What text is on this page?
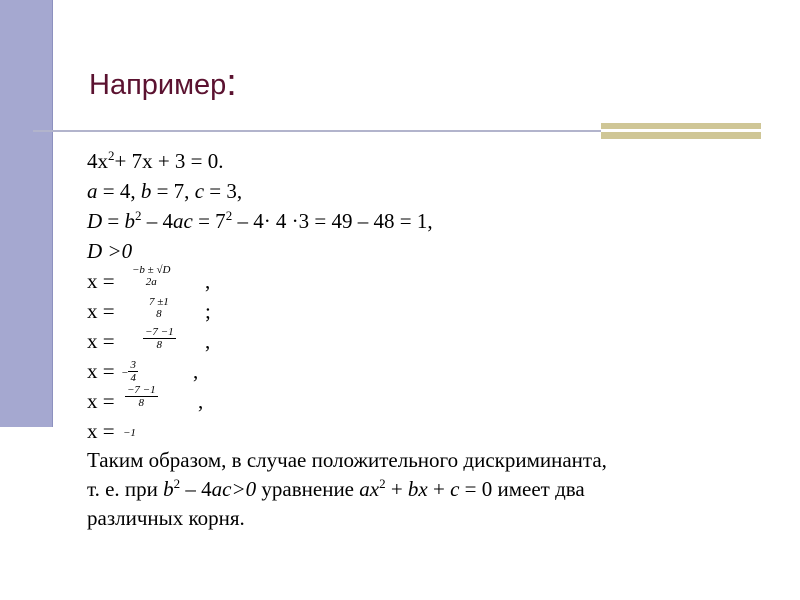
Например:
$4x^2+ 7x + 3 = 0$.
a = 4, b = 7, c = 3,
$D = b^2 - 4ac = 7^2 - 4\cdot 4 \cdot 3 = 49 - 48 = 1$,
D >0
x = −b ± √D
2a	,
x =	7 ±1
8	;
x =	$\frac{-7 -1}{8}$ ,
x = − $\frac{3}{4}$	,
$x = \frac{-7 -1}{8}$ ,
x = −1
Таким образом, в случае положительного дискриминанта,
т. е. при $b^2 - 4ac>0$ уравнение $ax^2$ + bx + c = 0 имеет два
различных корня.
